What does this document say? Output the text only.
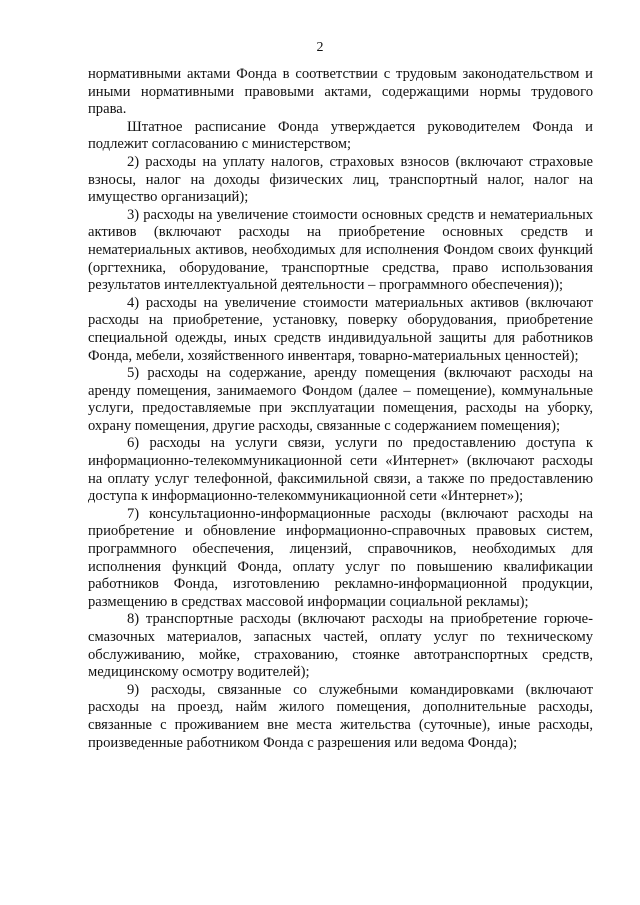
2

нормативными актами Фонда в соответствии с трудовым законодательством и иными нормативными правовыми актами, содержащими нормы трудового права.

Штатное расписание Фонда утверждается руководителем Фонда и подлежит согласованию с министерством;

2) расходы на уплату налогов, страховых взносов (включают страховые взносы, налог на доходы физических лиц, транспортный налог, налог на имущество организаций);

3) расходы на увеличение стоимости основных средств и нематериальных активов (включают расходы на приобретение основных средств и нематериальных активов, необходимых для исполнения Фондом своих функций (оргтехника, оборудование, транспортные средства, право использования результатов интеллектуальной деятельности – программного обеспечения));

4) расходы на увеличение стоимости материальных активов (включают расходы на приобретение, установку, поверку оборудования, приобретение специальной одежды, иных средств индивидуальной защиты для работников Фонда, мебели, хозяйственного инвентаря, товарно-материальных ценностей);

5) расходы на содержание, аренду помещения (включают расходы на аренду помещения, занимаемого Фондом (далее – помещение), коммунальные услуги, предоставляемые при эксплуатации помещения, расходы на уборку, охрану помещения, другие расходы, связанные с содержанием помещения);

6) расходы на услуги связи, услуги по предоставлению доступа к информационно-телекоммуникационной сети «Интернет» (включают расходы на оплату услуг телефонной, факсимильной связи, а также по предоставлению доступа к информационно-телекоммуникационной сети «Интернет»);

7) консультационно-информационные расходы (включают расходы на приобретение и обновление информационно-справочных правовых систем, программного обеспечения, лицензий, справочников, необходимых для исполнения функций Фонда, оплату услуг по повышению квалификации работников Фонда, изготовлению рекламно-информационной продукции, размещению в средствах массовой информации социальной рекламы);

8) транспортные расходы (включают расходы на приобретение горюче-смазочных материалов, запасных частей, оплату услуг по техническому обслуживанию, мойке, страхованию, стоянке автотранспортных средств, медицинскому осмотру водителей);

9) расходы, связанные со служебными командировками (включают расходы на проезд, найм жилого помещения, дополнительные расходы, связанные с проживанием вне места жительства (суточные), иные расходы, произведенные работником Фонда с разрешения или ведома Фонда);
